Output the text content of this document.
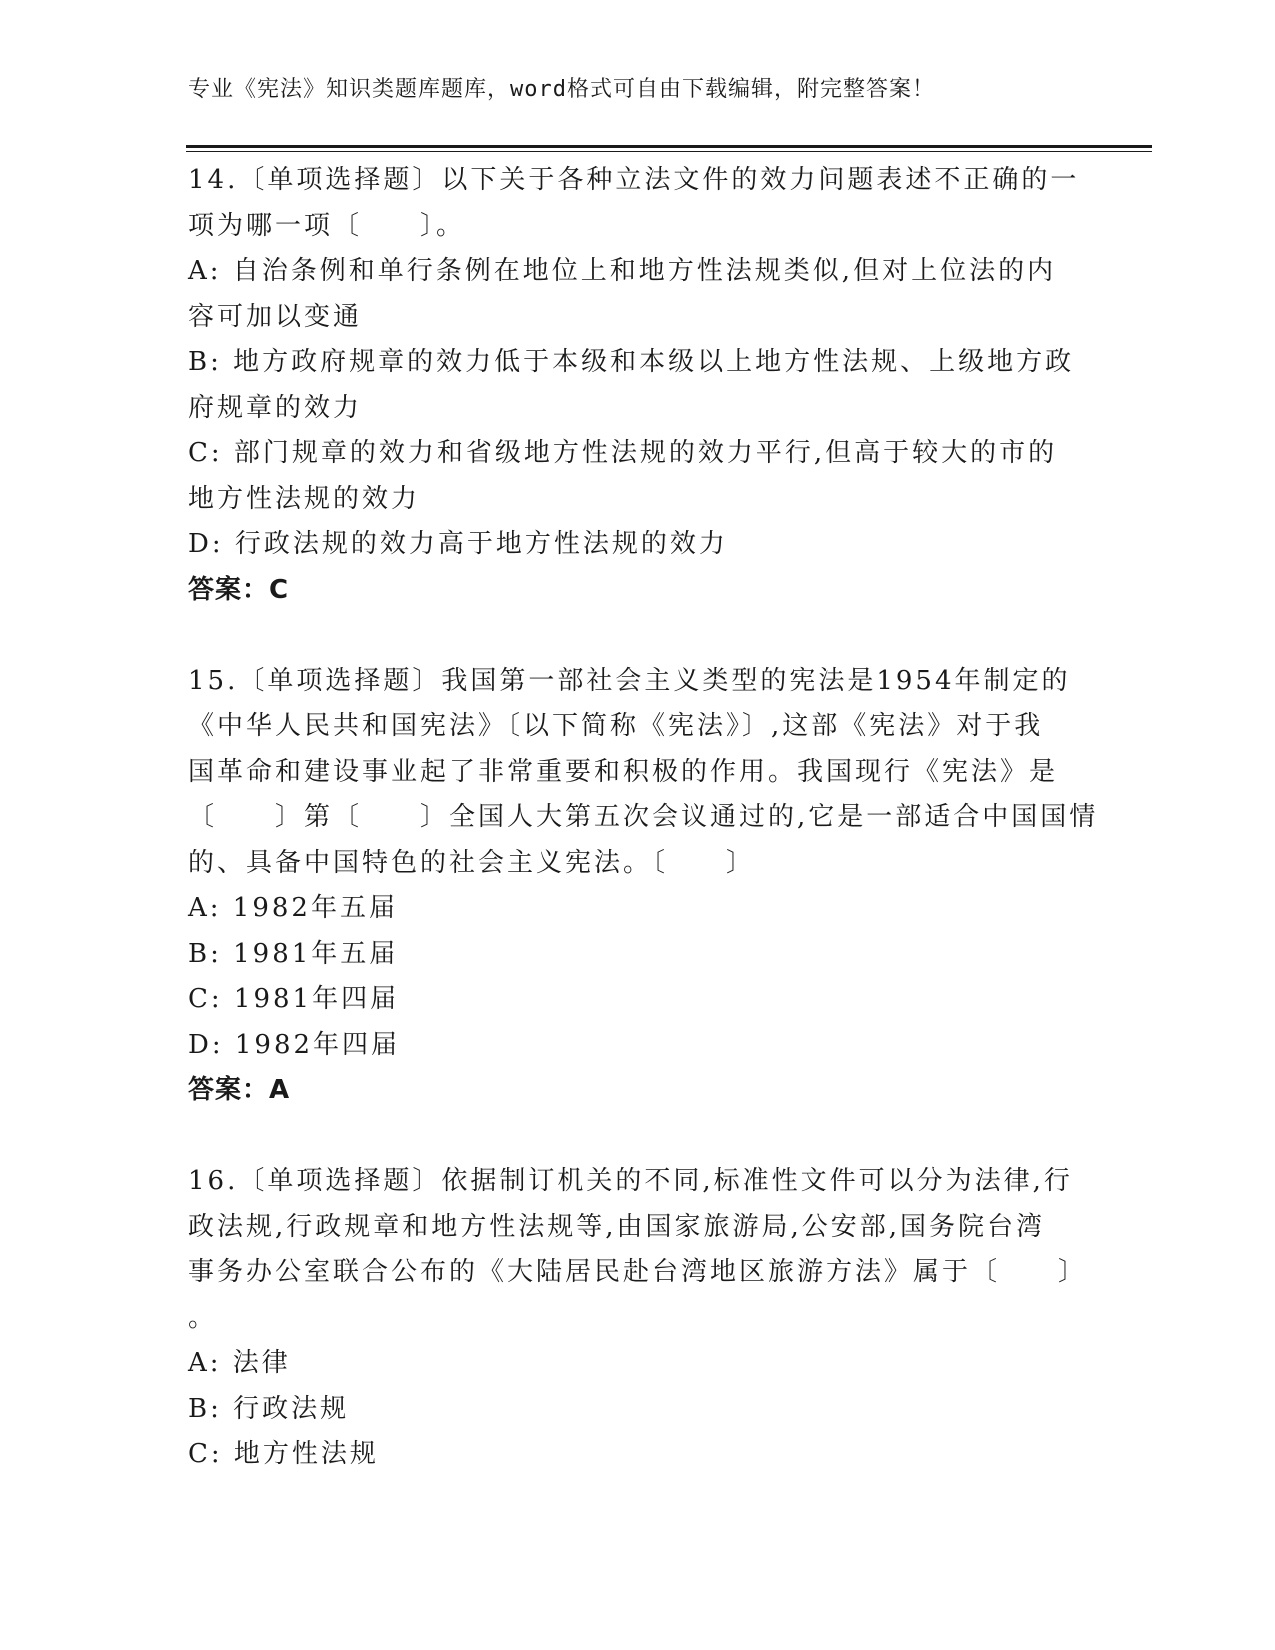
专业《宪法》知识类题库题库，word格式可自由下载编辑，附完整答案！
14.〔单项选择题〕以下关于各种立法文件的效力问题表述不正确的一
项为哪一项〔　　〕。
A: 自治条例和单行条例在地位上和地方性法规类似,但对上位法的内
容可加以变通
B: 地方政府规章的效力低于本级和本级以上地方性法规、上级地方政
府规章的效力
C: 部门规章的效力和省级地方性法规的效力平行,但高于较大的市的
地方性法规的效力
D: 行政法规的效力高于地方性法规的效力
答案：C
15.〔单项选择题〕我国第一部社会主义类型的宪法是1954年制定的
《中华人民共和国宪法》〔以下简称《宪法》〕,这部《宪法》对于我
国革命和建设事业起了非常重要和积极的作用。我国现行《宪法》是
〔　　〕第〔　　〕全国人大第五次会议通过的,它是一部适合中国国情
的、具备中国特色的社会主义宪法。〔　　〕
A: 1982年五届
B: 1981年五届
C: 1981年四届
D: 1982年四届
答案：A
16.〔单项选择题〕依据制订机关的不同,标准性文件可以分为法律,行
政法规,行政规章和地方性法规等,由国家旅游局,公安部,国务院台湾
事务办公室联合公布的《大陆居民赴台湾地区旅游方法》属于〔　　〕
。
A: 法律
B: 行政法规
C: 地方性法规
